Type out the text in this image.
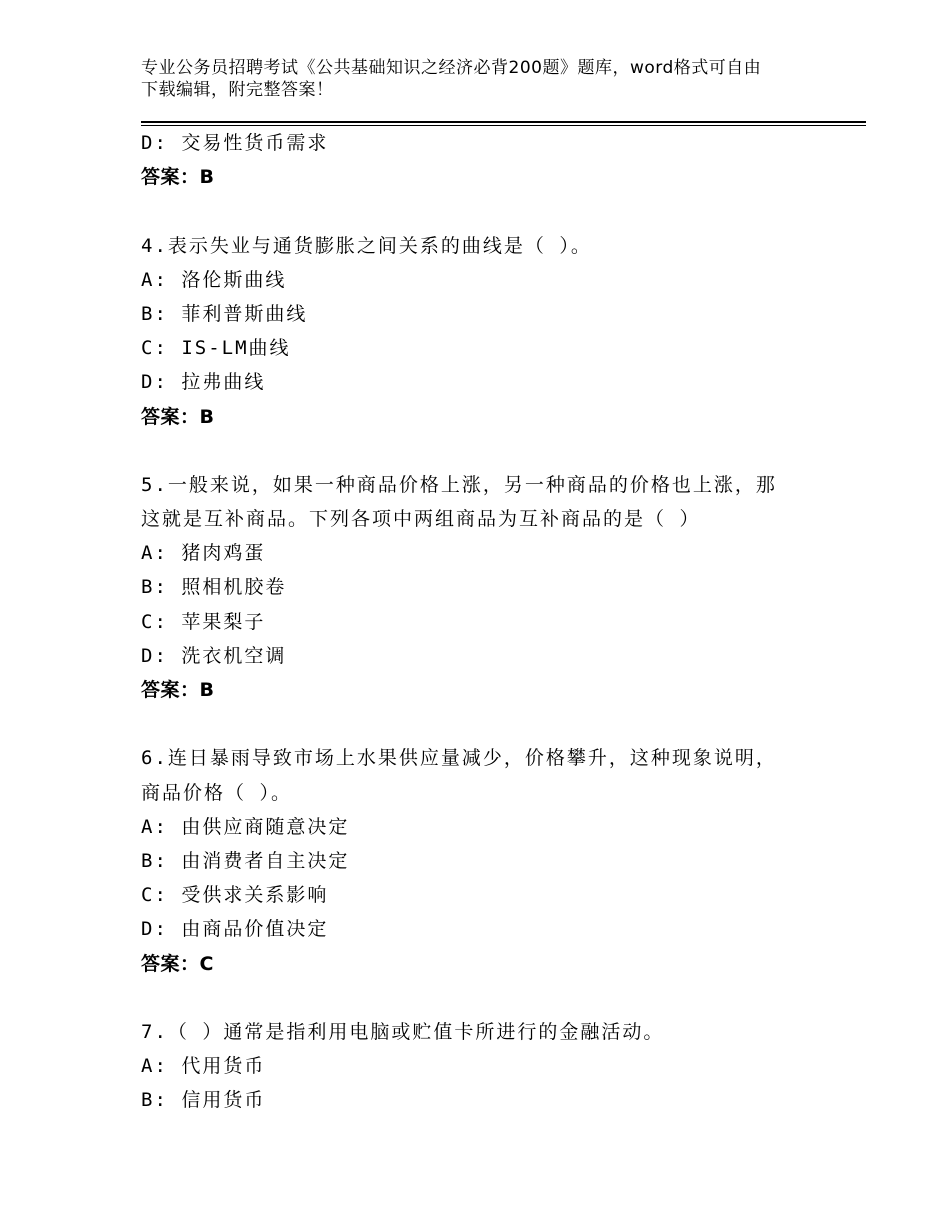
专业公务员招聘考试《公共基础知识之经济必背200题》题库，word格式可自由
下载编辑，附完整答案！
D: 交易性货币需求
答案：B
4.表示失业与通货膨胀之间关系的曲线是（ ）。
A: 洛伦斯曲线
B: 菲利普斯曲线
C: IS-LM曲线
D: 拉弗曲线
答案：B
5.一般来说，如果一种商品价格上涨，另一种商品的价格也上涨，那
这就是互补商品。下列各项中两组商品为互补商品的是（ ）
A: 猪肉鸡蛋
B: 照相机胶卷
C: 苹果梨子
D: 洗衣机空调
答案：B
6.连日暴雨导致市场上水果供应量减少，价格攀升，这种现象说明，
商品价格（ ）。
A: 由供应商随意决定
B: 由消费者自主决定
C: 受供求关系影响
D: 由商品价值决定
答案：C
7.（ ）通常是指利用电脑或贮值卡所进行的金融活动。
A: 代用货币
B: 信用货币
